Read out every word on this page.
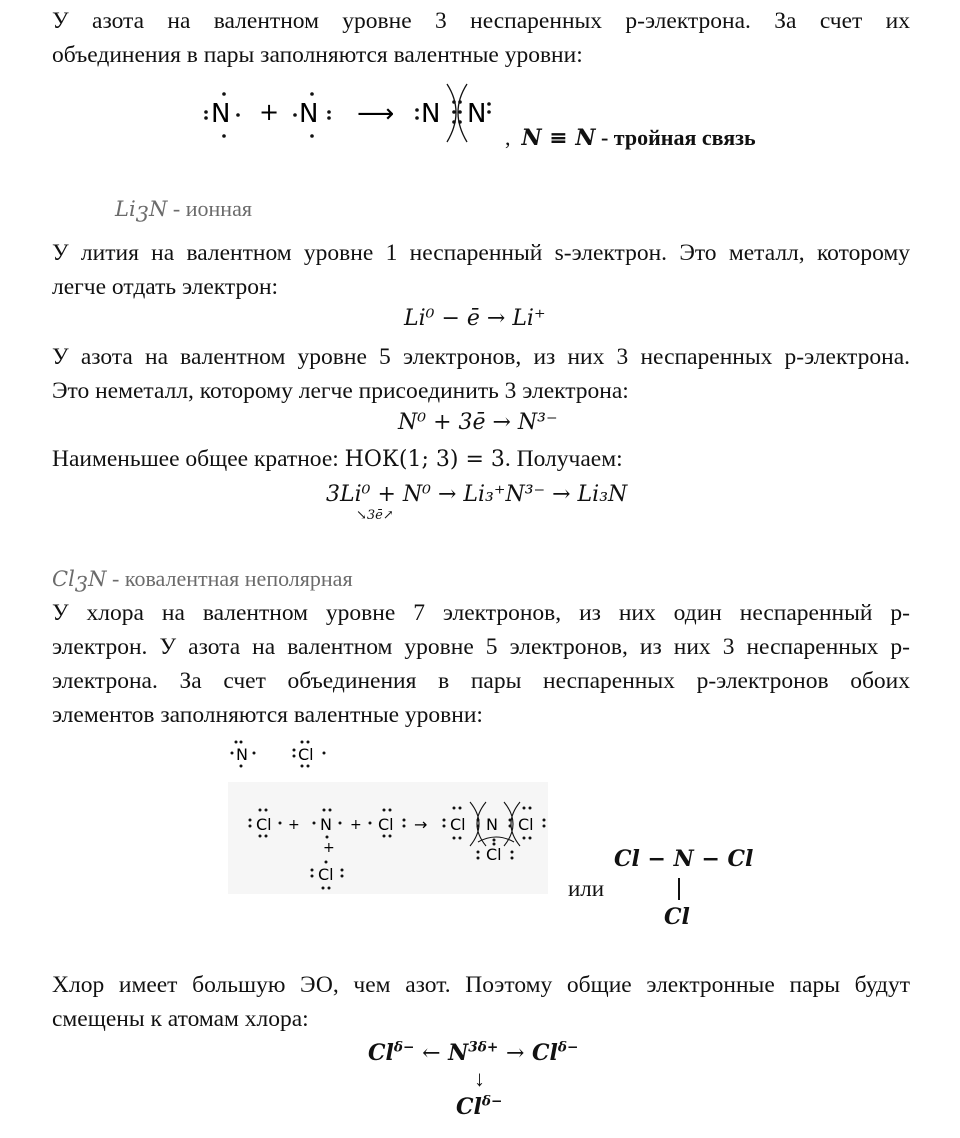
У азота на валентном уровне 3 неспаренных p-электрона. За счет их
объединения в пары заполняются валентные уровни:
N + N ⟶ N N
, N ≡ N - тройная связь
$Li_3N$ - ионная
У лития на валентном уровне 1 неспаренный s-электрон. Это металл, которому
легче отдать электрон:
Li⁰ − ē → Li⁺
У азота на валентном уровне 5 электронов, из них 3 неспаренных p-электрона.
Это неметалл, которому легче присоединить 3 электрона:
N⁰ + 3ē → N³⁻
Наименьшее общее кратное: НОК(1; 3) = 3. Получаем:
3Li⁰ + N⁰ → Li₃⁺N³⁻ → Li₃N
↘3ē↗
$Cl_3N$ - ковалентная неполярная
У хлора на валентном уровне 7 электронов, из них один неспаренный p-
электрон. У азота на валентном уровне 5 электронов, из них 3 неспаренных p-
электрона. За счет объединения в пары неспаренных p-электронов обоих
элементов заполняются валентные уровни:
N	Cl
Cl + N
+
Cl
+ Cl → Cl N Cl
Cl
или
Cl − N − Cl
Cl
Хлор имеет большую ЭО, чем азот. Поэтому общие электронные пары будут
смещены к атомам хлора:
$Cl^{\delta-}$ ← $N^{3\delta+} \to Cl^{\delta-}$
↓
$Cl^{\delta-}$
